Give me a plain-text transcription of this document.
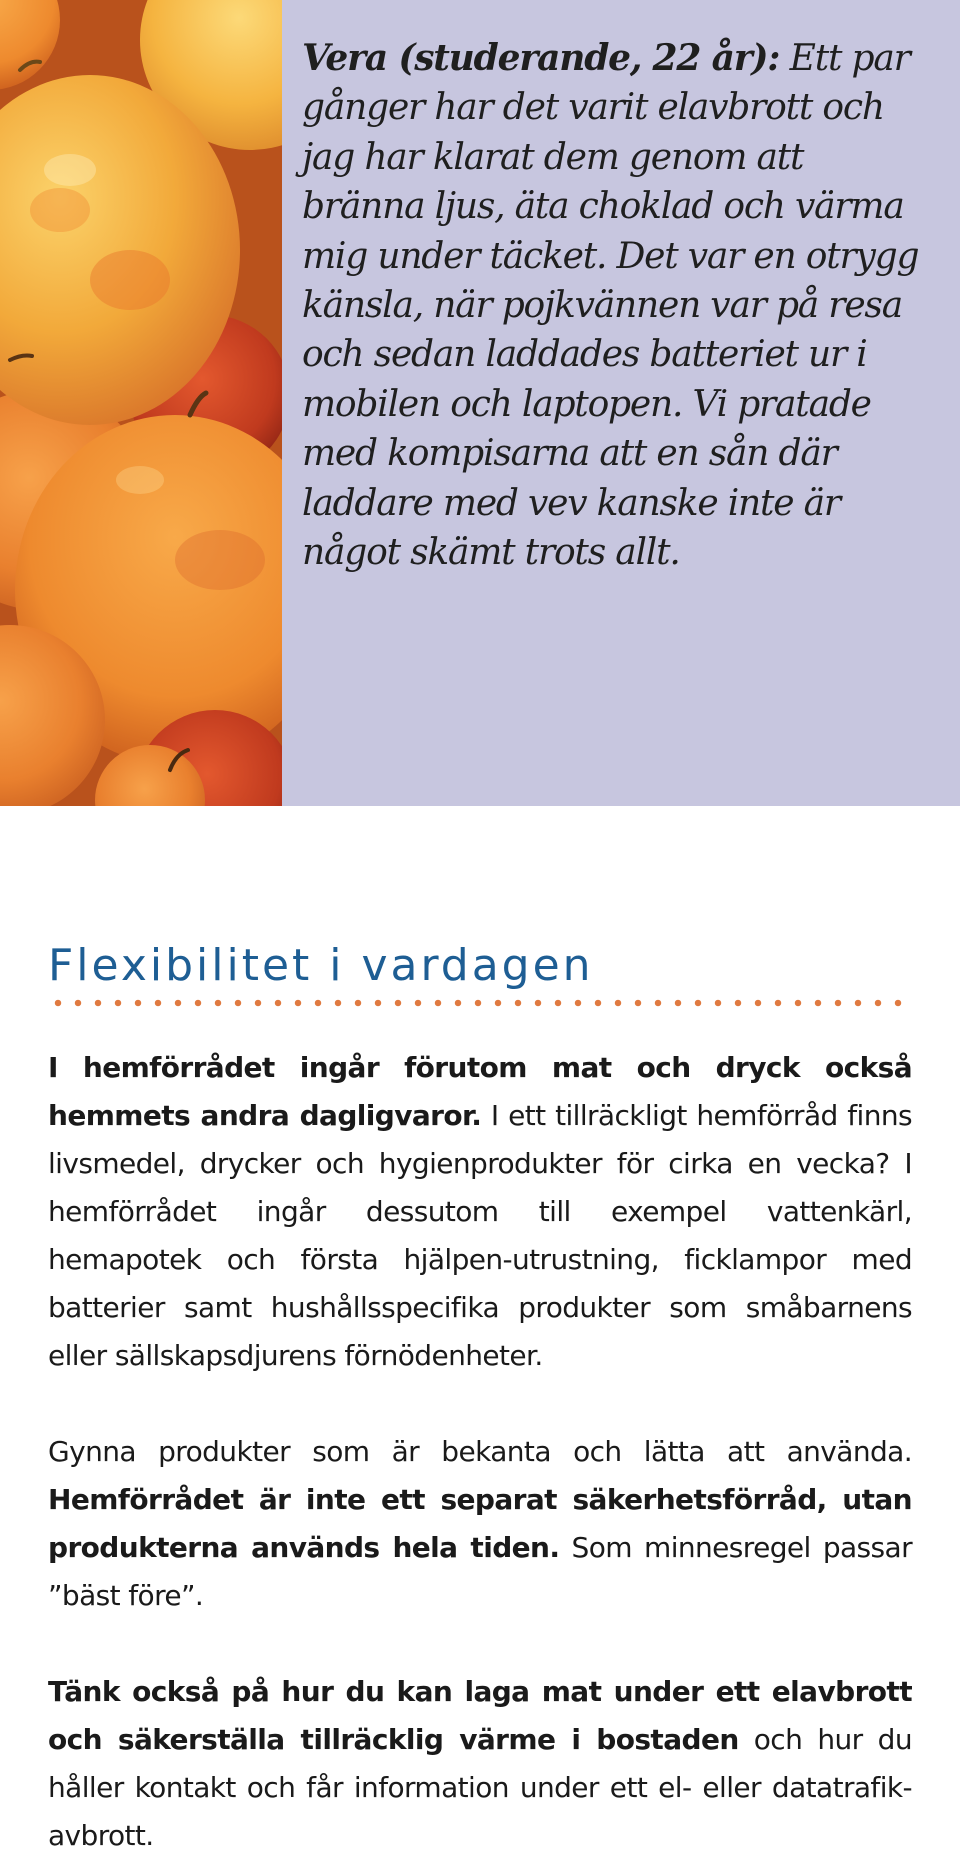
Vera (studerande, 22 år): Ett par gånger har det varit elavbrott och jag har klarat dem genom att bränna ljus, äta choklad och värma mig under täcket. Det var en otrygg känsla, när pojkvännen var på resa och sedan laddades batteriet ur i mobilen och laptopen. Vi pratade med kompisarna att en sån där laddare med vev kanske inte är något skämt trots allt.

Flexibilitet i vardagen

I hemförrådet ingår förutom mat och dryck också hemmets andra dagligvaror. I ett tillräckligt hemförråd finns livsmedel, drycker och hygienprodukter för cirka en vecka? I hemförrådet ingår dessutom till exempel vattenkärl, hemapotek och första hjälpen-utrustning, ficklampor med batterier samt hushållsspecifika produkter som småbarnens eller sällskapsdjurens förnödenheter.

Gynna produkter som är bekanta och lätta att använda. Hemförrådet är inte ett separat säkerhetsförråd, utan produkterna används hela tiden. Som minnesregel passar ”bäst före”.

Tänk också på hur du kan laga mat under ett elavbrott och säkerställa tillräcklig värme i bostaden och hur du håller kontakt och får information under ett el- eller datatrafik-avbrott.
